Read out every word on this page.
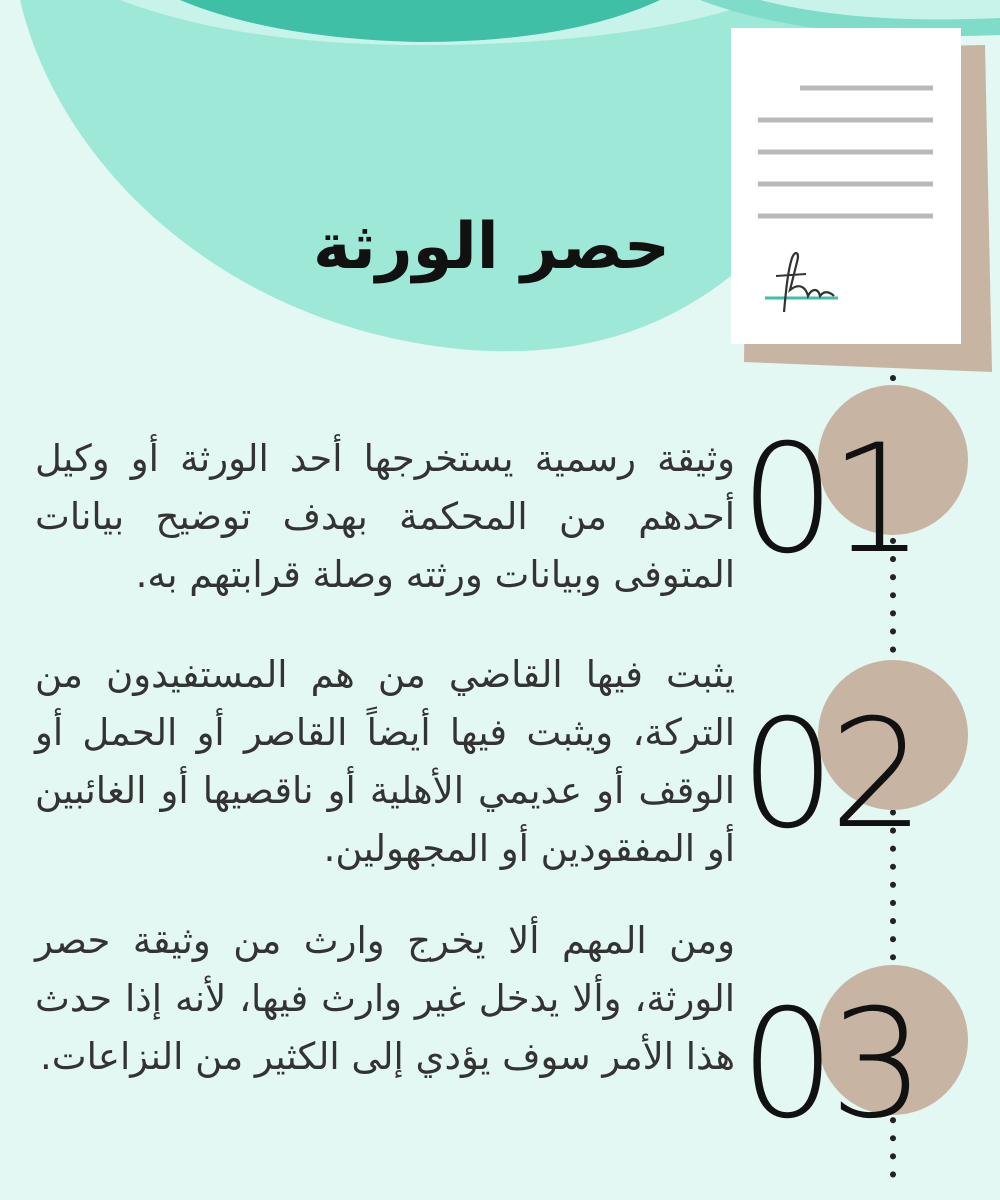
حصر الورثة
01

وثيقة رسمية يستخرجها أحد الورثة أو وكيل أحدهم من المحكمة بهدف توضيح بيانات المتوفى وبيانات ورثته وصلة قرابتهم به.

02

يثبت فيها القاضي من هم المستفيدون من التركة، ويثبت فيها أيضاً القاصر أو الحمل أو الوقف أو عديمي الأهلية أو ناقصيها أو الغائبين أو المفقودين أو المجهولين.

03

ومن المهم ألا يخرج وارث من وثيقة حصر الورثة، وألا يدخل غير وارث فيها، لأنه إذا حدث هذا الأمر سوف يؤدي إلى الكثير من النزاعات.
